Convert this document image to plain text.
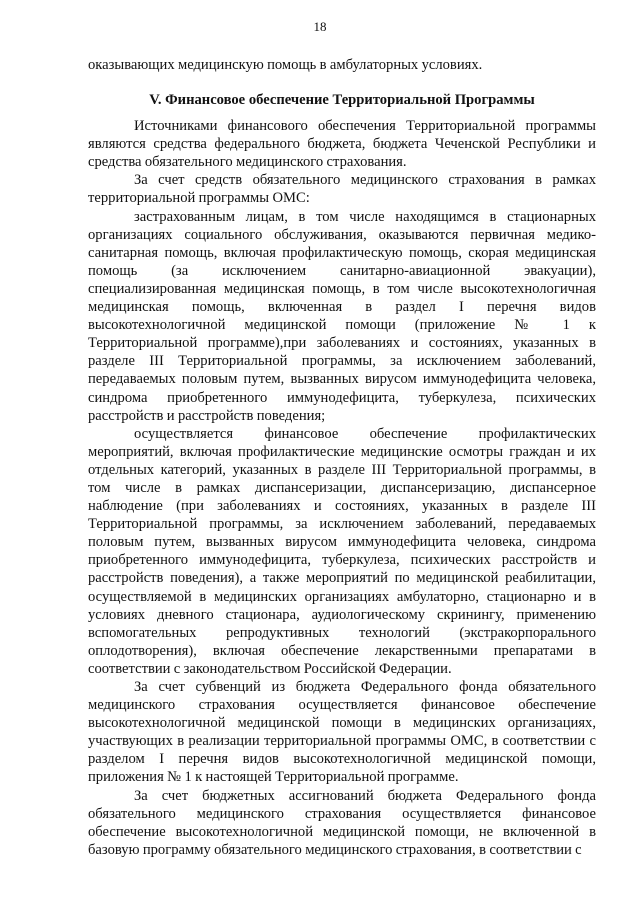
18

оказывающих медицинскую помощь в амбулаторных условиях.

V. Финансовое обеспечение Территориальной Программы

Источниками финансового обеспечения Территориальной программы являются средства федерального бюджета, бюджета Чеченской Республики и средства обязательного медицинского страхования.

За счет средств обязательного медицинского страхования в рамках территориальной программы ОМС:

застрахованным лицам, в том числе находящимся в стационарных организациях социального обслуживания, оказываются первичная медико-санитарная помощь, включая профилактическую помощь, скорая медицинская помощь (за исключением санитарно-авиационной эвакуации), специализированная медицинская помощь, в том числе высокотехнологичная медицинская помощь, включенная в раздел I перечня видов высокотехнологичной медицинской помощи (приложение № 1 к Территориальной программе),при заболеваниях и состояниях, указанных в разделе III Территориальной программы, за исключением заболеваний, передаваемых половым путем, вызванных вирусом иммунодефицита человека, синдрома приобретенного иммунодефицита, туберкулеза, психических расстройств и расстройств поведения;

осуществляется финансовое обеспечение профилактических мероприятий, включая профилактические медицинские осмотры граждан и их отдельных категорий, указанных в разделе III Территориальной программы, в том числе в рамках диспансеризации, диспансеризацию, диспансерное наблюдение (при заболеваниях и состояниях, указанных в разделе III Территориальной программы, за исключением заболеваний, передаваемых половым путем, вызванных вирусом иммунодефицита человека, синдрома приобретенного иммунодефицита, туберкулеза, психических расстройств и расстройств поведения), а также мероприятий по медицинской реабилитации, осуществляемой в медицинских организациях амбулаторно, стационарно и в условиях дневного стационара, аудиологическому скринингу, применению вспомогательных репродуктивных технологий (экстракорпорального оплодотворения), включая обеспечение лекарственными препаратами в соответствии с законодательством Российской Федерации.

За счет субвенций из бюджета Федерального фонда обязательного медицинского страхования осуществляется финансовое обеспечение высокотехнологичной медицинской помощи в медицинских организациях, участвующих в реализации территориальной программы ОМС, в соответствии с разделом I перечня видов высокотехнологичной медицинской помощи, приложения № 1 к настоящей Территориальной программе.

За счет бюджетных ассигнований бюджета Федерального фонда обязательного медицинского страхования осуществляется финансовое обеспечение высокотехнологичной медицинской помощи, не включенной в базовую программу обязательного медицинского страхования, в соответствии с
